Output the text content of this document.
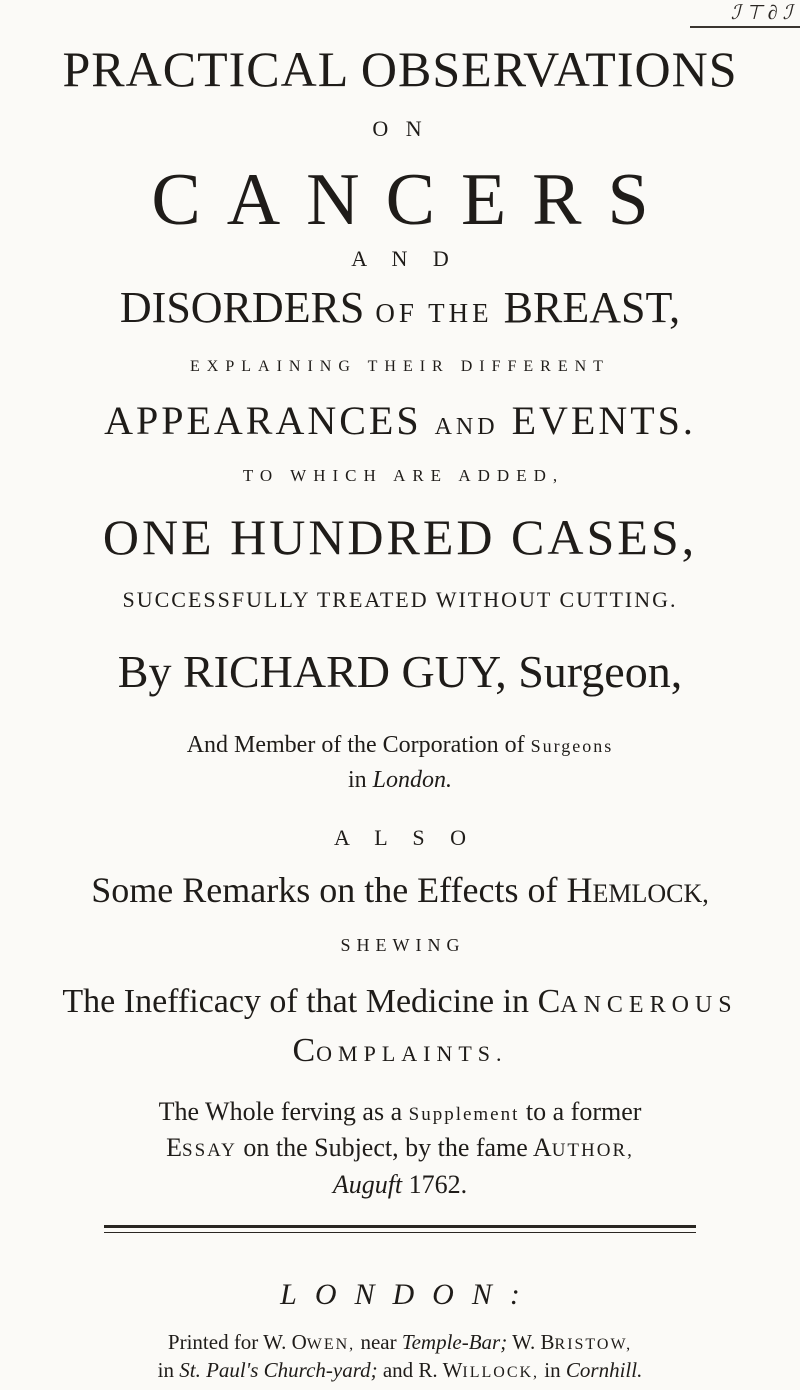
ℐ ⊤ ∂ ℐ
PRACTICAL OBSERVATIONS
O N
CANCERS
A N D
DISORDERS OF THE BREAST,
EXPLAINING THEIR DIFFERENT
APPEARANCES AND EVENTS.
TO WHICH ARE ADDED,
ONE HUNDRED CASES,
SUCCESSFULLY TREATED WITHOUT CUTTING.
By RICHARD GUY, Surgeon,
And Member of the Corporation of Surgeons
in London.
A L S O
Some Remarks on the Effects of HEMLOCK,
SHEWING
The Inefficacy of that Medicine in CANCEROUS
COMPLAINTS.
The Whole ferving as a Supplement to a former
ESSAY on the Subject, by the fame AUTHOR,
Auguft 1762.
LONDON:
Printed for W. OWEN, near Temple-Bar; W. BRISTOW,
in St. Paul's Church-yard; and R. WILLOCK, in Cornhill.
